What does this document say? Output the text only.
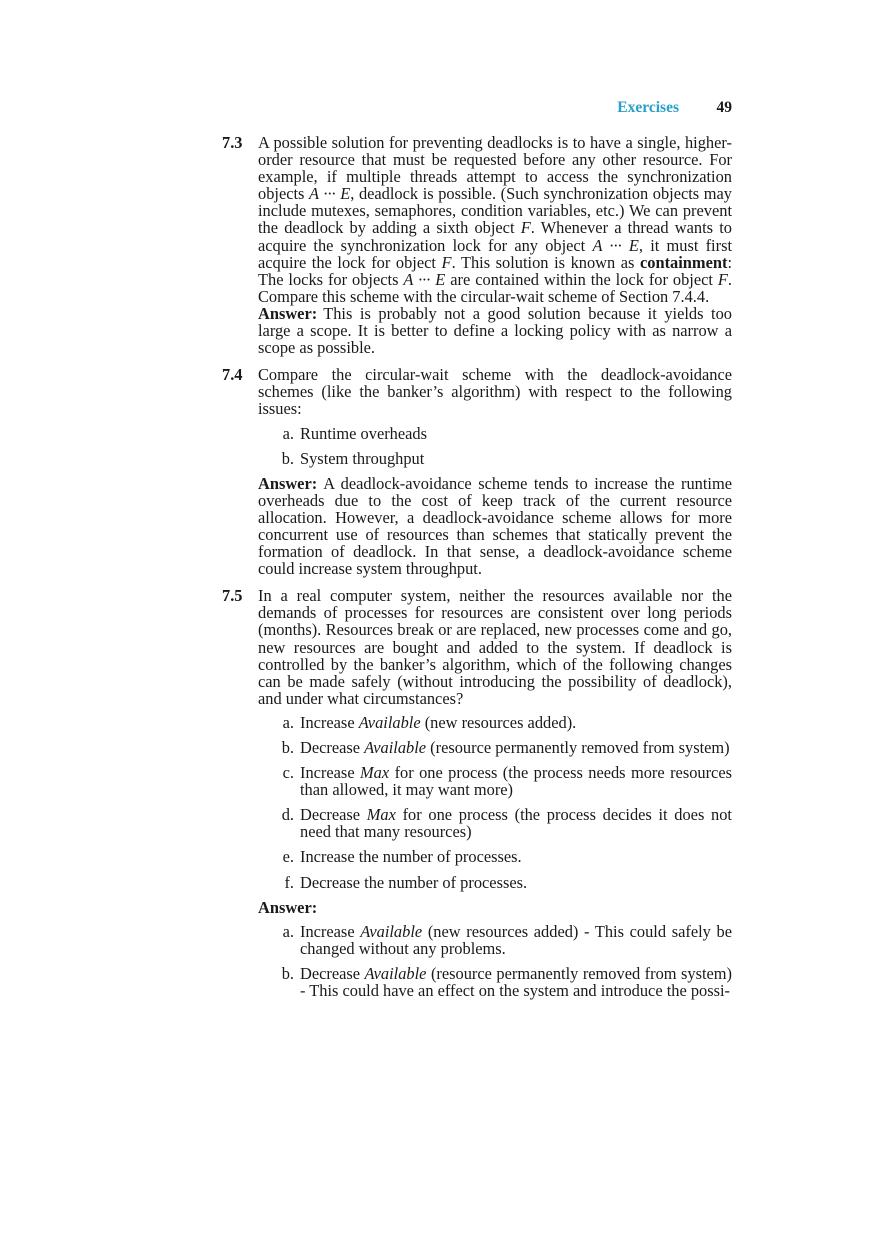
Exercises 49
7.3 A possible solution for preventing deadlocks is to have a single, higher-order resource that must be requested before any other resource. For example, if multiple threads attempt to access the synchronization objects A ··· E, deadlock is possible. (Such synchronization objects may include mutexes, semaphores, condition variables, etc.) We can prevent the deadlock by adding a sixth object F. Whenever a thread wants to acquire the synchronization lock for any object A ··· E, it must first acquire the lock for object F. This solution is known as containment: The locks for objects A ··· E are contained within the lock for object F. Compare this scheme with the circular-wait scheme of Section 7.4.4.

Answer: This is probably not a good solution because it yields too large a scope. It is better to define a locking policy with as narrow a scope as possible.

7.4 Compare the circular-wait scheme with the deadlock-avoidance schemes (like the banker’s algorithm) with respect to the following issues:

a. Runtime overheads
b. System throughput

Answer: A deadlock-avoidance scheme tends to increase the runtime overheads due to the cost of keep track of the current resource allocation. However, a deadlock-avoidance scheme allows for more concurrent use of resources than schemes that statically prevent the formation of deadlock. In that sense, a deadlock-avoidance scheme could increase system throughput.

7.5 In a real computer system, neither the resources available nor the demands of processes for resources are consistent over long periods (months). Resources break or are replaced, new processes come and go, new resources are bought and added to the system. If deadlock is controlled by the banker’s algorithm, which of the following changes can be made safely (without introducing the possibility of deadlock), and under what circumstances?

a. Increase Available (new resources added).
b. Decrease Available (resource permanently removed from system)
c. Increase Max for one process (the process needs more resources than allowed, it may want more)
d. Decrease Max for one process (the process decides it does not need that many resources)
e. Increase the number of processes.
f. Decrease the number of processes.
Answer:
a. Increase Available (new resources added) - This could safely be changed without any problems.
b. Decrease Available (resource permanently removed from system) - This could have an effect on the system and introduce the possi-
